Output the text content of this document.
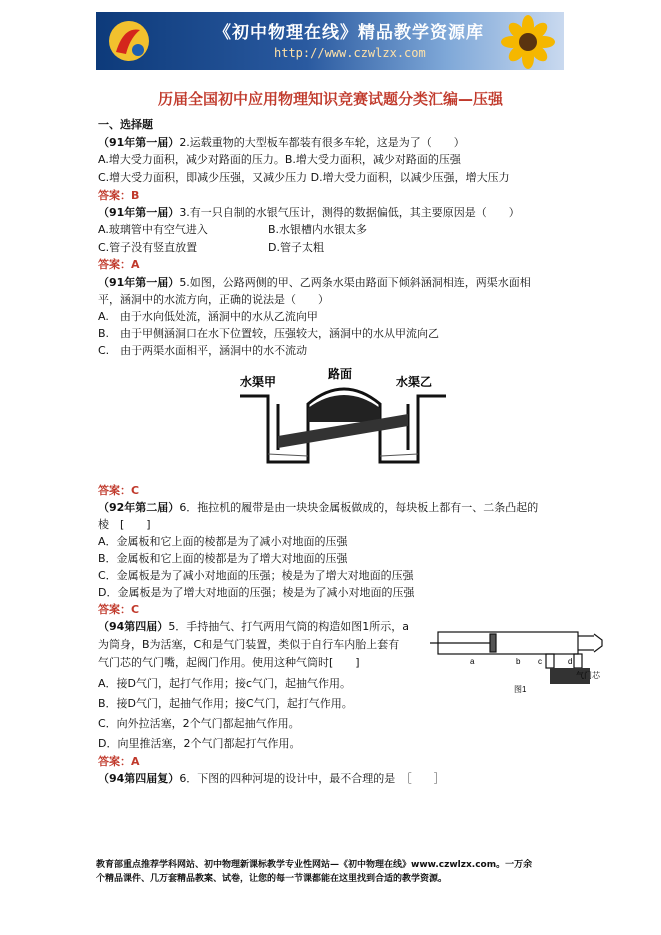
《初中物理在线》精品教学资源库
http://www.czwlzx.com
历届全国初中应用物理知识竞赛试题分类汇编—压强
一、选择题
（91年第一届）2.运载重物的大型板车都装有很多车轮，这是为了（　　）
A.增大受力面积，减少对路面的压力。B.增大受力面积，减少对路面的压强
C.增大受力面积，即减少压强，又减少压力 D.增大受力面积，以减少压强，增大压力
答案：B
（91年第一届）3.有一只自制的水银气压计，测得的数据偏低，其主要原因是（　　）
A.玻璃管中有空气进入	B.水银槽内水银太多
C.管子没有竖直放置	D.管子太粗
答案：A
（91年第一届）5.如图，公路两侧的甲、乙两条水渠由路面下倾斜涵洞相连，两渠水面相
平，涵洞中的水流方向，正确的说法是（　　）
A.　由于水向低处流，涵洞中的水从乙流向甲
B.　由于甲侧涵洞口在水下位置较，压强较大，涵洞中的水从甲流向乙
C.　由于两渠水面相平，涵洞中的水不流动
水渠甲
路面
水渠乙
答案：C
（92年第二届）6．拖拉机的履带是由一块块金属板做成的，每块板上都有一、二条凸起的
棱　[　　]
A．金属板和它上面的棱都是为了减小对地面的压强
B．金属板和它上面的棱都是为了增大对地面的压强
C．金属板是为了减小对地面的压强；棱是为了增大对地面的压强
D．金属板是为了增大对地面的压强；棱是为了减小对地面的压强
答案：C
（94第四届）5．手持抽气、打气两用气筒的构造如图1所示，a
为筒身，B为活塞，C和是气门装置，类似于自行车内胎上套有
气门芯的气门嘴，起阀门作用。使用这种气筒时[　　]
A．接D气门，起打气作用；接c气门，起抽气作用。
B．接D气门，起抽气作用；接C气门，起打气作用。
C．向外拉活塞，2个气门都起抽气作用。
D．向里推活塞，2个气门都起打气作用。
答案：A
a	b c	d
气门芯
图1
（94第四届复）6．下图的四种河堤的设计中，最不合理的是　［　　］
教育部重点推荐学科网站、初中物理新课标教学专业性网站—《初中物理在线》www.czwlzx.com。一万余
个精品课件、几万套精品教案、试卷，让您的每一节课都能在这里找到合适的教学资源。
